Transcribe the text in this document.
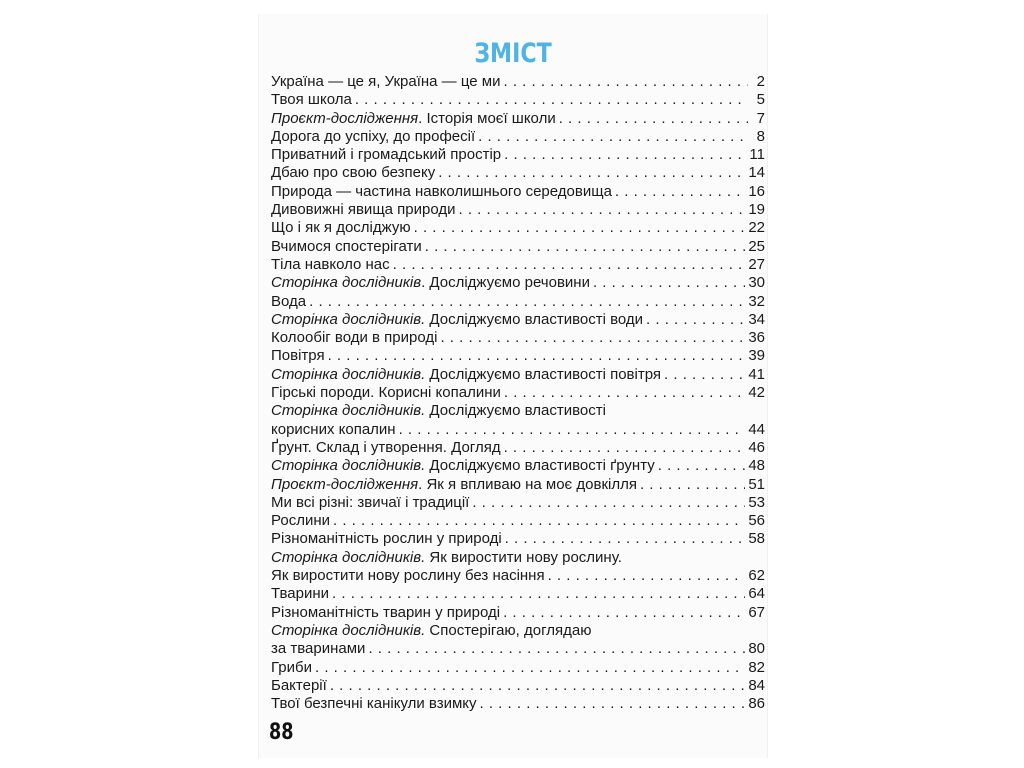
ЗМІСТ
Україна — це я, Україна — це ми . . .	2
Твоя школа . . .	5
Проєкт-дослідження. Історія моєї школи . . .	7
Дорога до успіху, до професії . . .	8
Приватний і громадський простір . . .	11
Дбаю про свою безпеку . . .	14
Природа — частина навколишнього середовища . . .	16
Дивовижні явища природи . . .	19
Що і як я досліджую . . .	22
Вчимося спостерігати . . .	25
Тіла навколо нас . . .	27
Сторінка дослідників. Досліджуємо речовини . . .	30
Вода . . .	32
Сторінка дослідників. Досліджуємо властивості води . . .	34
Колообіг води в природі . . .	36
Повітря . . .	39
Сторінка дослідників. Досліджуємо властивості повітря . . .	41
Гірські породи. Корисні копалини . . .	42
Сторінка дослідників. Досліджуємо властивості
корисних копалин . . .	44
Ґрунт. Склад і утворення. Догляд . . .	46
Сторінка дослідників. Досліджуємо властивості ґрунту . . .	48
Проєкт-дослідження. Як я впливаю на моє довкілля . . .	51
Ми всі різні: звичаї і традиції . . .	53
Рослини . . .	56
Різноманітність рослин у природі . . .	58
Сторінка дослідників. Як виростити нову рослину.
Як виростити нову рослину без насіння . . .	62
Тварини . . .	64
Різноманітність тварин у природі . . .	67
Сторінка дослідників. Спостерігаю, доглядаю
за тваринами . . .	80
Гриби . . .	82
Бактерії . . .	84
Твої безпечні канікули взимку . . .	86
88
